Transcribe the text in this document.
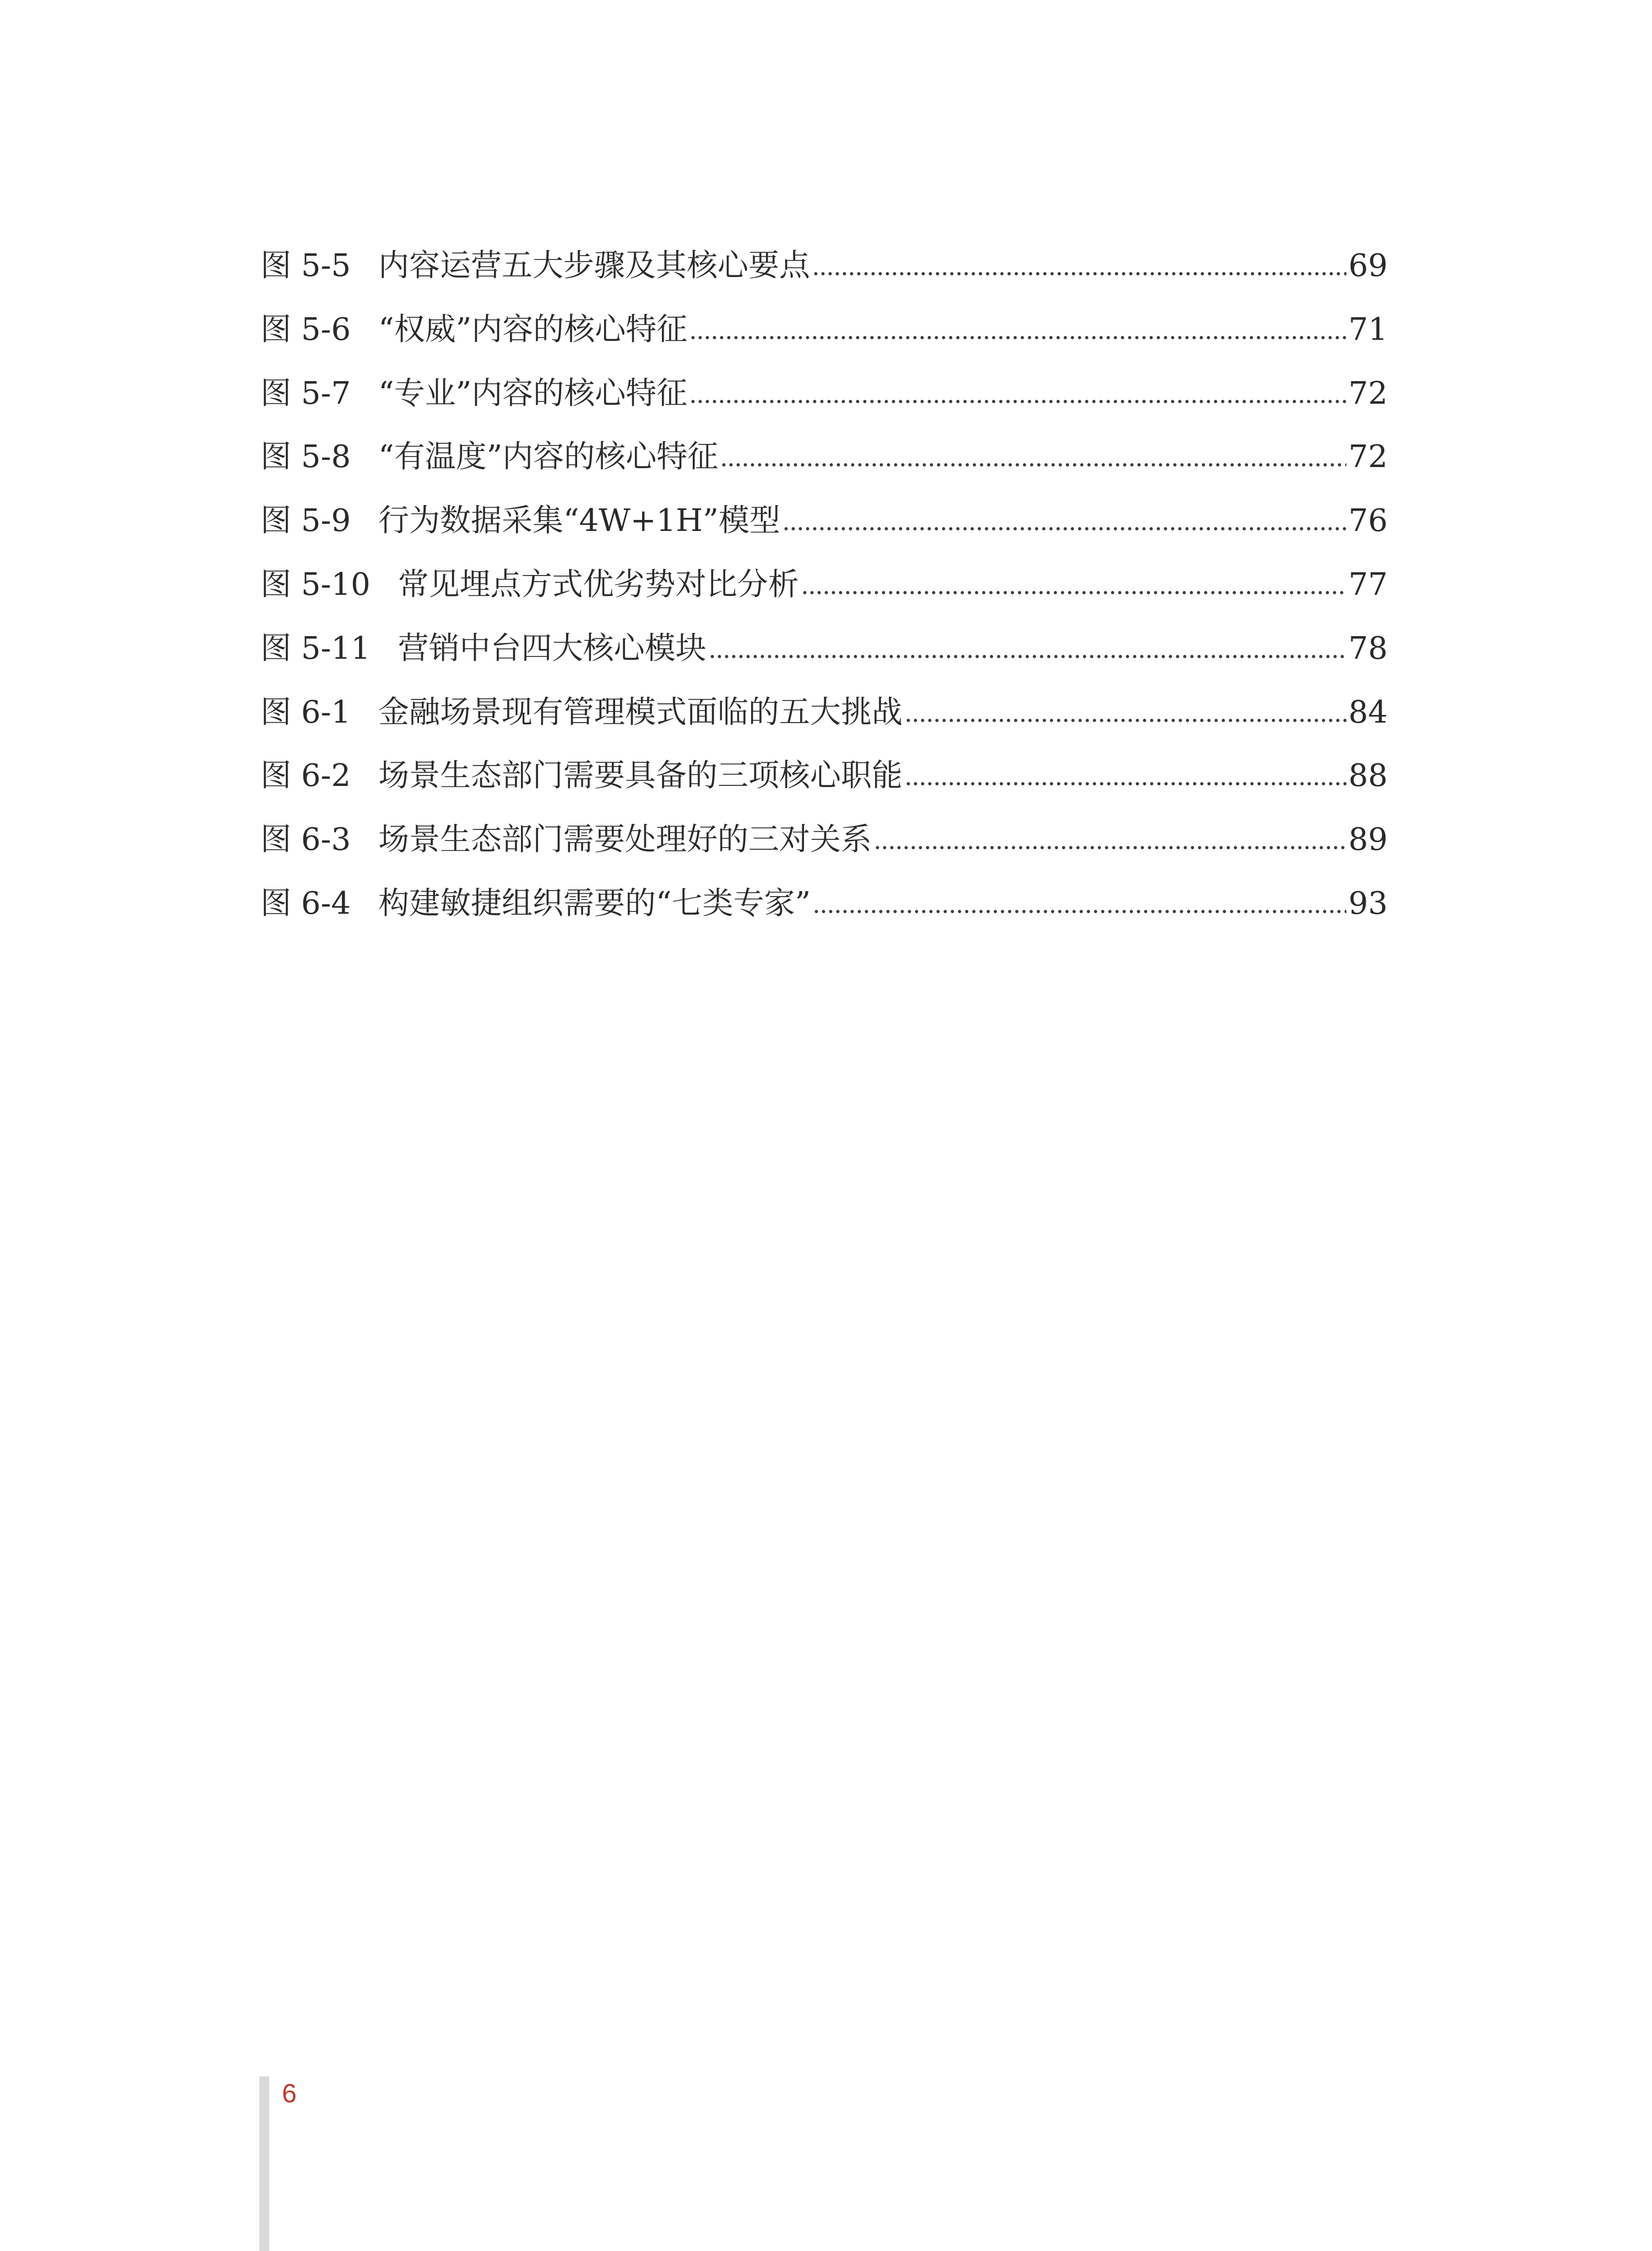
图 5-5 内容运营五大步骤及其核心要点	69
图 5-6 “权威”内容的核心特征	71
图 5-7 “专业”内容的核心特征	72
图 5-8 “有温度”内容的核心特征	72
图 5-9 行为数据采集“4W+1H”模型	76
图 5-10 常见埋点方式优劣势对比分析	77
图 5-11 营销中台四大核心模块	78
图 6-1 金融场景现有管理模式面临的五大挑战	84
图 6-2 场景生态部门需要具备的三项核心职能	88
图 6-3 场景生态部门需要处理好的三对关系	89
图 6-4 构建敏捷组织需要的“七类专家”	93
6
